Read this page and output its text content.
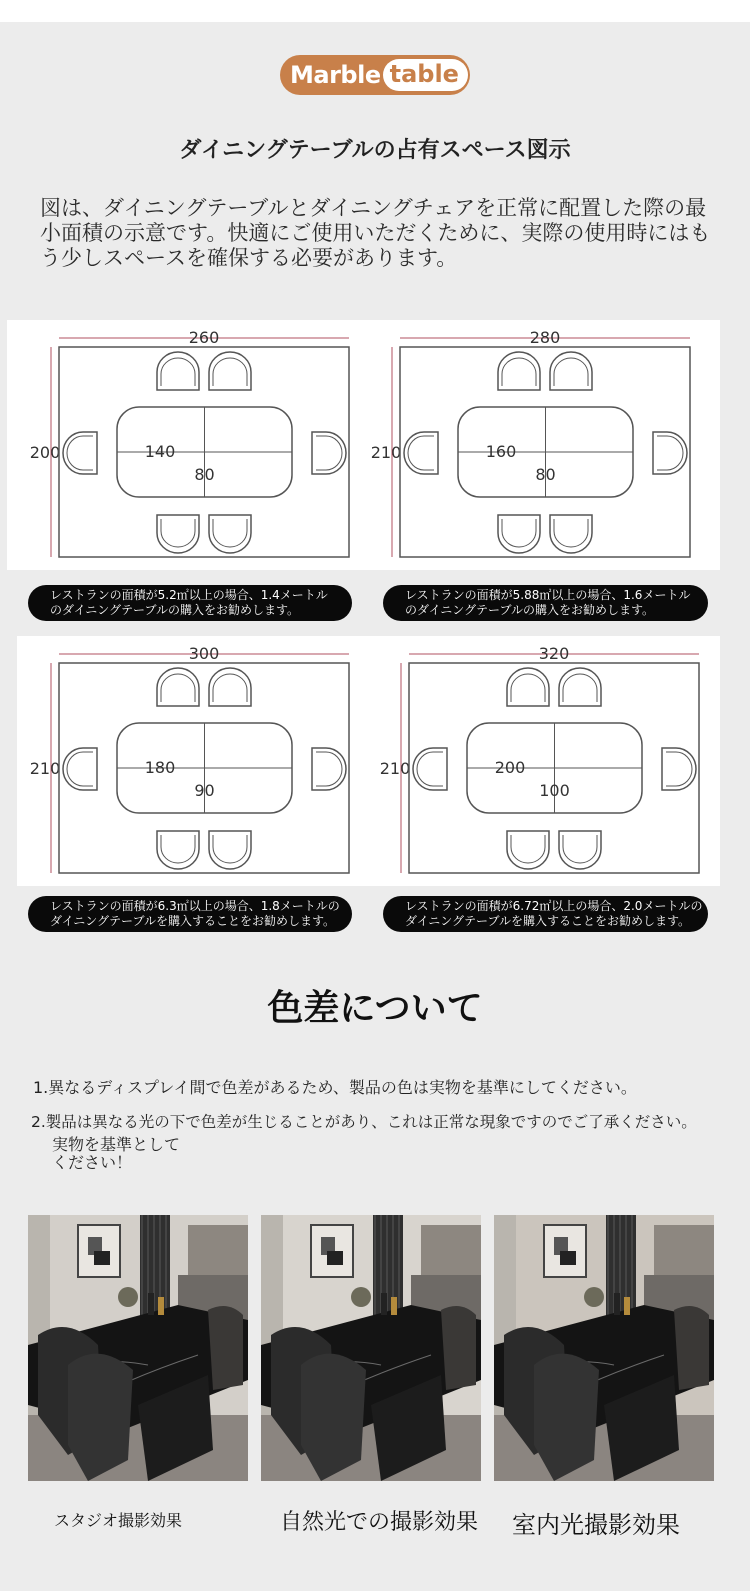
Marble table
ダイニングテーブルの占有スペース図示

図は、ダイニングテーブルとダイニングチェアを正常に配置した際の最小面積の示意です。快適にご使用いただくために、実際の使用時にはもう少しスペースを確保する必要があります。

260
200	140
80
280
210	160
80
300
210	180
90
320
210	200
100
レストランの面積が5.2㎡以上の場合、1.4メートル
のダイニングテーブルの購入をお勧めします。
レストランの面積が5.88㎡以上の場合、1.6メートル
のダイニングテーブルの購入をお勧めします。
レストランの面積が6.3㎡以上の場合、1.8メートルの
ダイニングテーブルを購入することをお勧めします。
レストランの面積が6.72㎡以上の場合、2.0メートルの
ダイニングテーブルを購入することをお勧めします。
色差について
1.異なるディスプレイ間で色差があるため、製品の色は実物を基準にしてください。
2.製品は異なる光の下で色差が生じることがあり、これは正常な現象ですのでご了承ください。
実物を基準として
ください！
スタジオ撮影効果	自然光での撮影効果 室内光撮影効果
